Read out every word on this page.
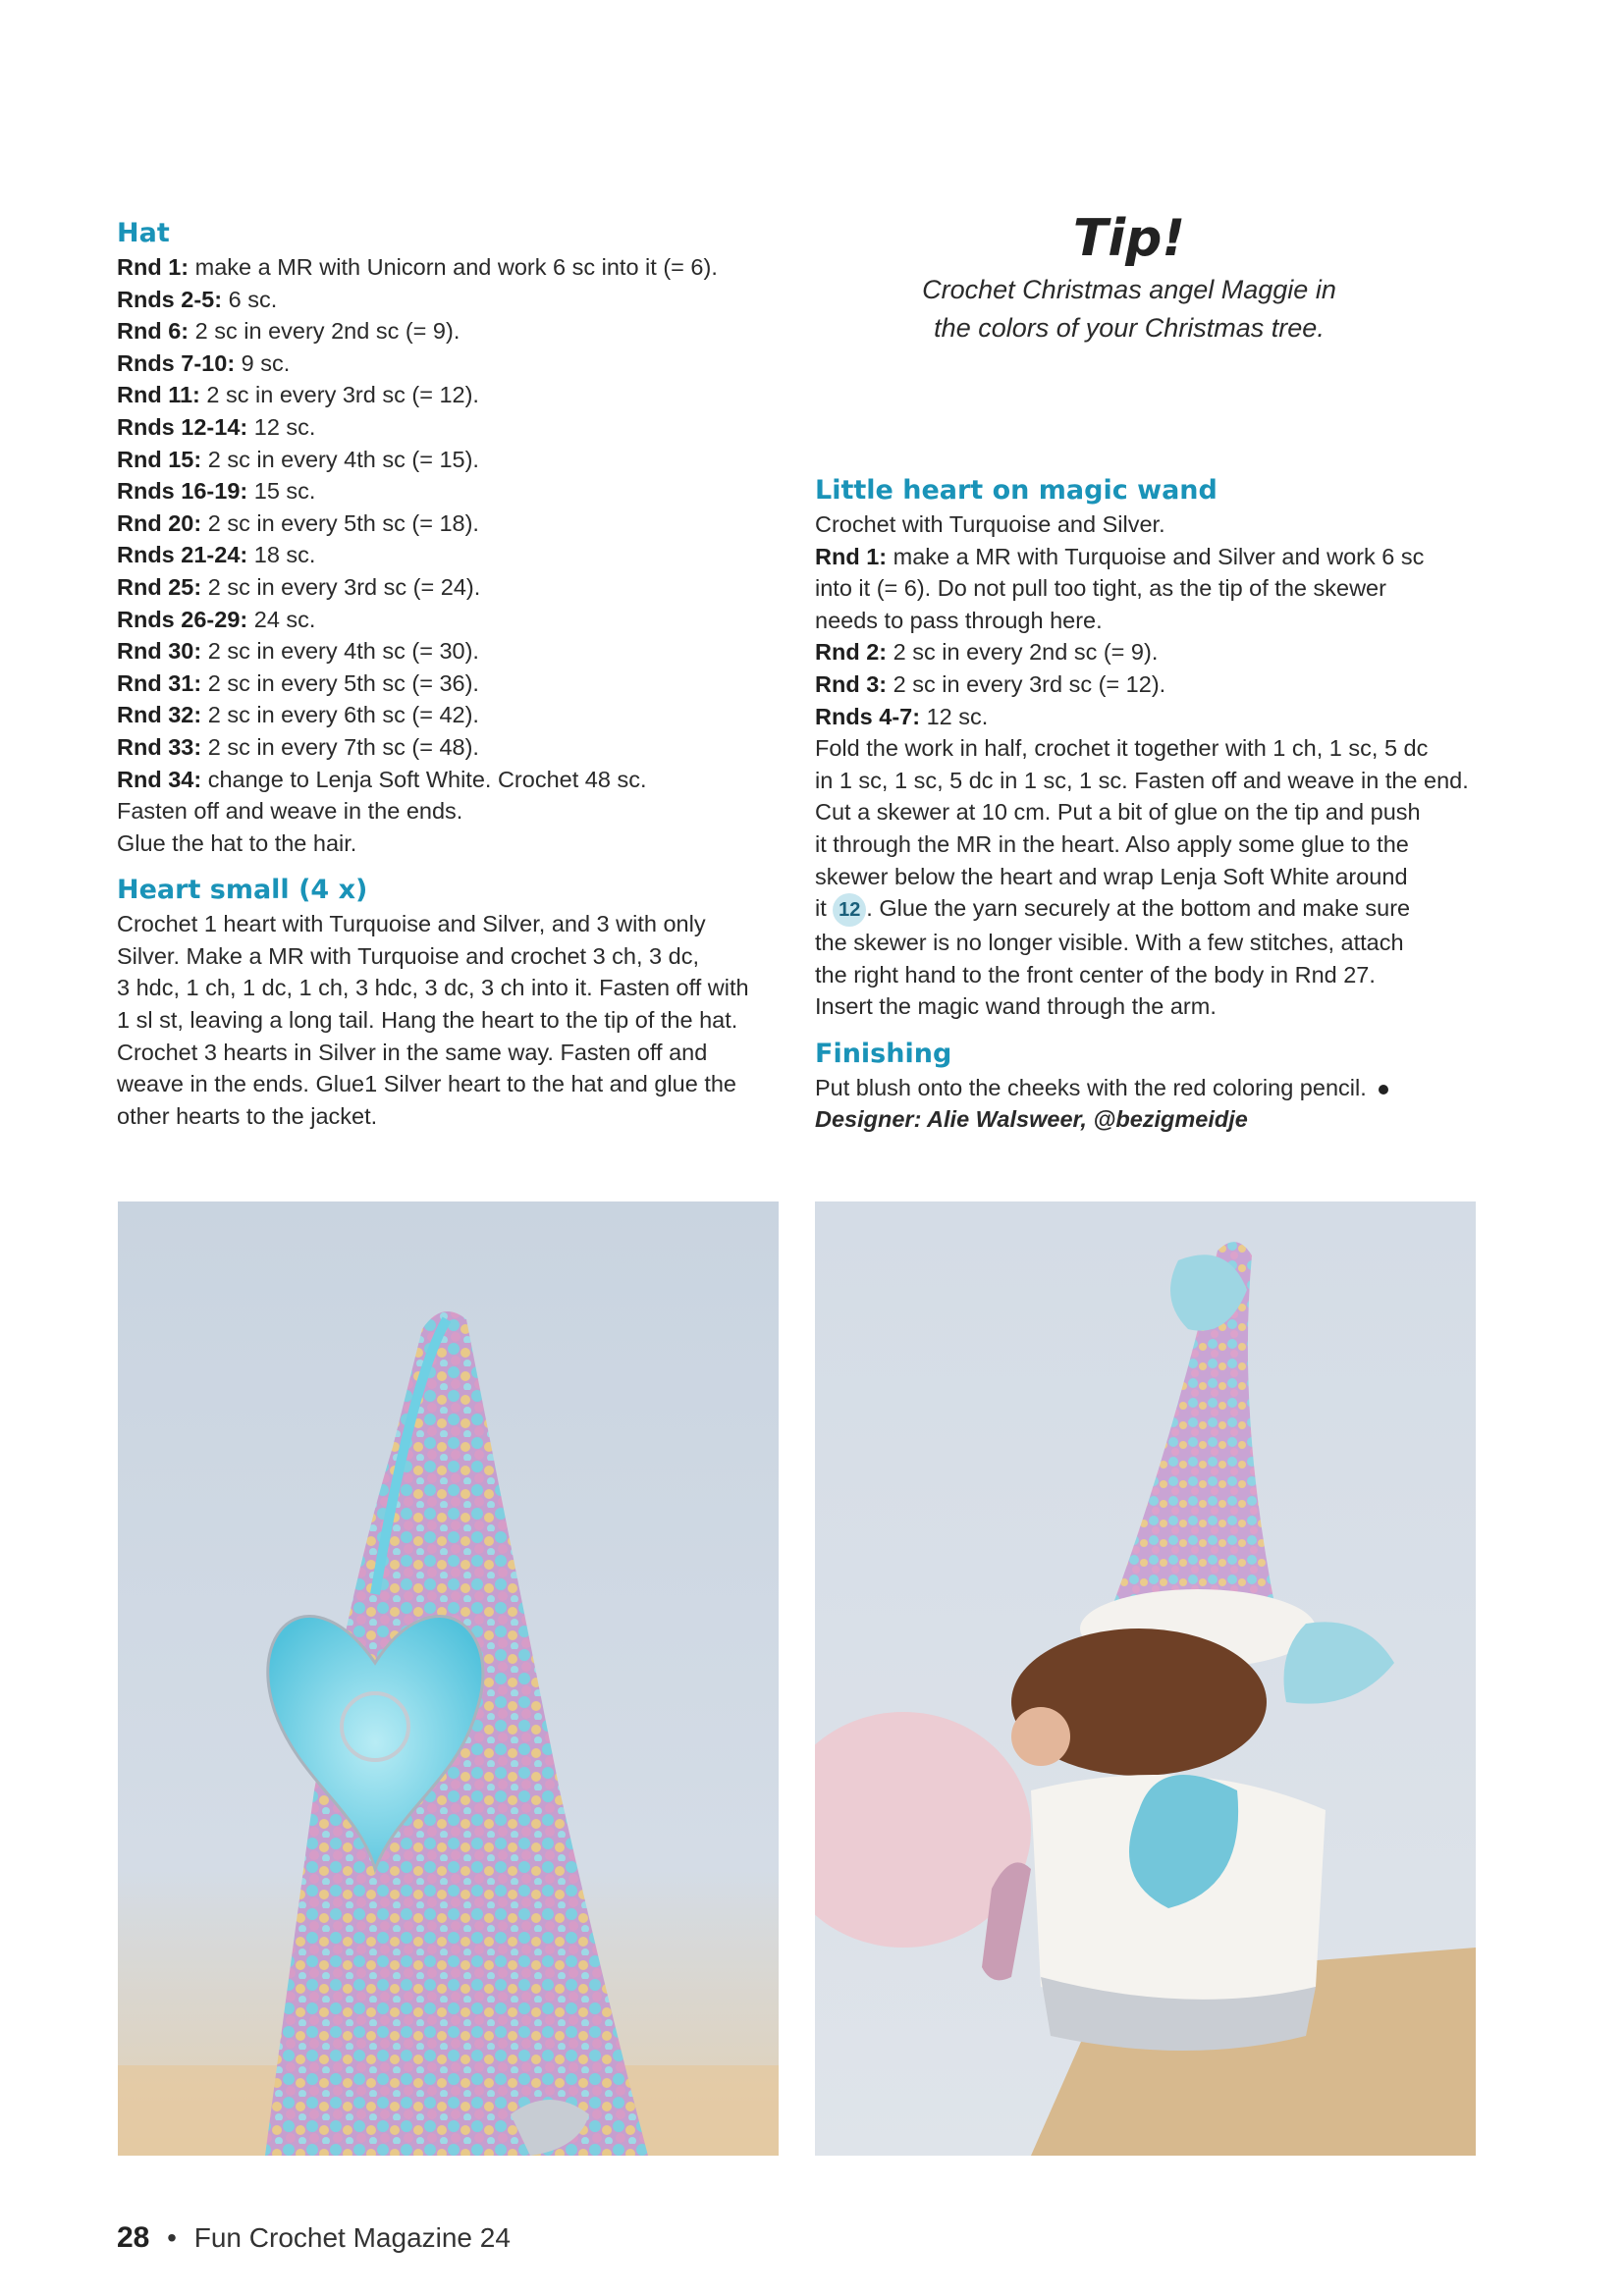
Hat

Rnd 1: make a MR with Unicorn and work 6 sc into it (= 6).

Rnds 2-5: 6 sc.

Rnd 6: 2 sc in every 2nd sc (= 9).

Rnds 7-10: 9 sc.

Rnd 11: 2 sc in every 3rd sc (= 12).

Rnds 12-14: 12 sc.

Rnd 15: 2 sc in every 4th sc (= 15).

Rnds 16-19: 15 sc.

Rnd 20: 2 sc in every 5th sc (= 18).

Rnds 21-24: 18 sc.

Rnd 25: 2 sc in every 3rd sc (= 24).

Rnds 26-29: 24 sc.

Rnd 30: 2 sc in every 4th sc (= 30).

Rnd 31: 2 sc in every 5th sc (= 36).

Rnd 32: 2 sc in every 6th sc (= 42).

Rnd 33: 2 sc in every 7th sc (= 48).

Rnd 34: change to Lenja Soft White. Crochet 48 sc.

Fasten off and weave in the ends.

Glue the hat to the hair.

Heart small (4 x)

Crochet 1 heart with Turquoise and Silver, and 3 with only

Silver. Make a MR with Turquoise and crochet 3 ch, 3 dc,

3 hdc, 1 ch, 1 dc, 1 ch, 3 hdc, 3 dc, 3 ch into it. Fasten off with

1 sl st, leaving a long tail. Hang the heart to the tip of the hat.

Crochet 3 hearts in Silver in the same way. Fasten off and

weave in the ends. Glue1 Silver heart to the hat and glue the

other hearts to the jacket.

Tip!
Crochet Christmas angel Maggie in
the colors of your Christmas tree.
Little heart on magic wand

Crochet with Turquoise and Silver.

Rnd 1: make a MR with Turquoise and Silver and work 6 sc

into it (= 6). Do not pull too tight, as the tip of the skewer

needs to pass through here.

Rnd 2: 2 sc in every 2nd sc (= 9).

Rnd 3: 2 sc in every 3rd sc (= 12).

Rnds 4-7: 12 sc.

Fold the work in half, crochet it together with 1 ch, 1 sc, 5 dc

in 1 sc, 1 sc, 5 dc in 1 sc, 1 sc. Fasten off and weave in the end.

Cut a skewer at 10 cm. Put a bit of glue on the tip and push

it through the MR in the heart. Also apply some glue to the

skewer below the heart and wrap Lenja Soft White around

it 12 . Glue the yarn securely at the bottom and make sure

the skewer is no longer visible. With a few stitches, attach

the right hand to the front center of the body in Rnd 27.

Insert the magic wand through the arm.

Finishing

Put blush onto the cheeks with the red coloring pencil.

Designer: Alie Walsweer, @bezigmeidje

28 • Fun Crochet Magazine 24
